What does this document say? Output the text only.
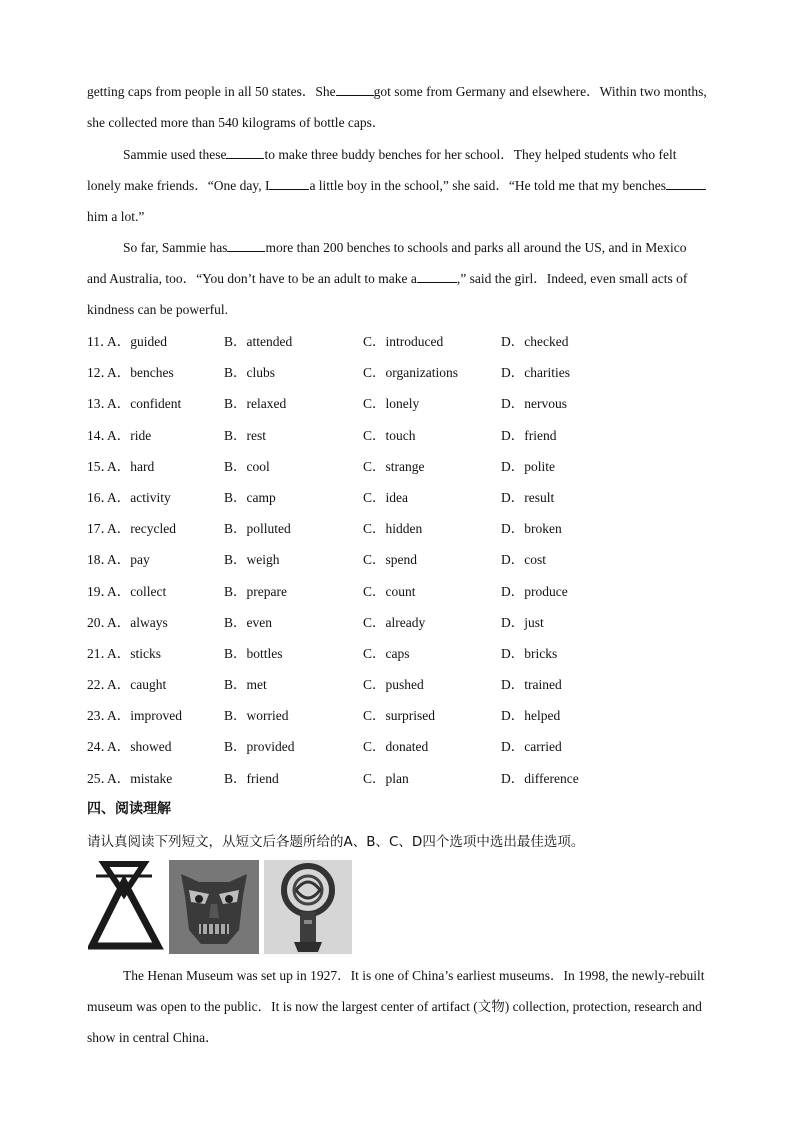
getting caps from people in all 50 states．She	got some from Germany and elsewhere．Within two months, she collected more than 540 kilograms of bottle caps．
Sammie used these	to make three buddy benches for her school．They helped students who felt lonely make friends．“One day, I	a little boy in the school,” she said．“He told me that my benches him a lot.”
So far, Sammie has	more than 200 benches to schools and parks all around the US, and in Mexico and Australia, too．“You don’t have to be an adult to make a	,” said the girl．Indeed, even small acts of kindness can be powerful.
11．
A．guided	B．attended	C．introduced	D．checked
12．
A．benches	B．clubs	C．organizations	D．charities
13．
A．confident	B．relaxed	C．lonely	D．nervous
14．
A．ride	B．rest	C．touch	D．friend
15．
A．hard	B．cool	C．strange	D．polite
16．
A．activity	B．camp	C．idea	D．result
17．
A．recycled	B．polluted	C．hidden	D．broken
18．
A．pay	B．weigh	C．spend	D．cost
19．
A．collect	B．prepare	C．count	D．produce
20．
A．always	B．even	C．already	D．just
21．
A．sticks	B．bottles	C．caps	D．bricks
22．
A．caught	B．met	C．pushed	D．trained
23．
A．improved	B．worried	C．surprised	D．helped
24．
A．showed	B．provided	C．donated	D．carried
25．
A．mistake	B．friend	C．plan	D．difference
四、阅读理解
请认真阅读下列短文，从短文后各题所给的A、B、C、D四个选项中选出最佳选项。
The Henan Museum was set up in 1927．It is one of China’s earliest museums．In 1998, the newly-rebuilt museum was open to the public．It is now the largest center of artifact (文物) collection, protection, research and show in central China．
